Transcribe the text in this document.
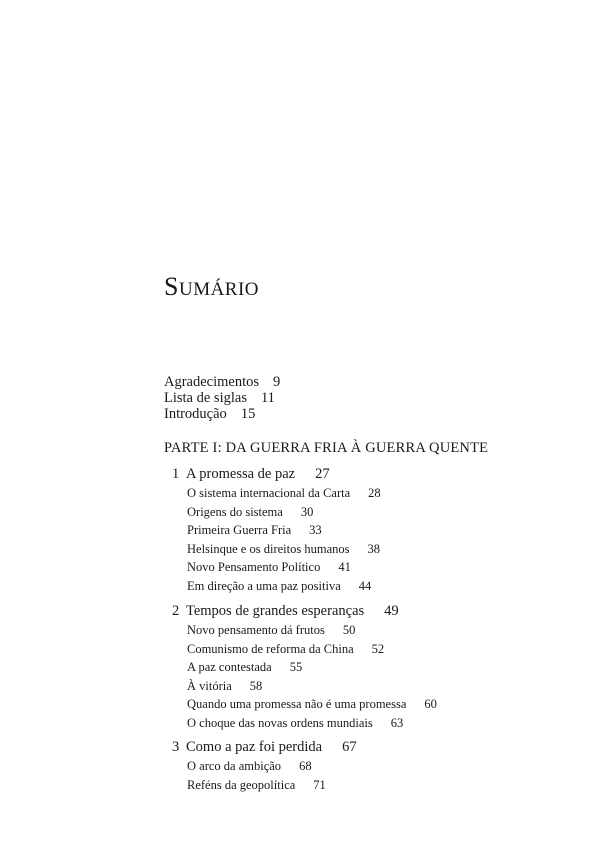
SUMÁRIO
Agradecimentos 9
Lista de siglas 11
Introdução 15
PARTE I: DA GUERRA FRIA À GUERRA QUENTE
1 A promessa de paz 27
O sistema internacional da Carta 28
Origens do sistema 30
Primeira Guerra Fria 33
Helsinque e os direitos humanos 38
Novo Pensamento Político 41
Em direção a uma paz positiva 44
2 Tempos de grandes esperanças 49
Novo pensamento dá frutos 50
Comunismo de reforma da China 52
A paz contestada 55
À vitória 58
Quando uma promessa não é uma promessa 60
O choque das novas ordens mundiais 63
3 Como a paz foi perdida 67
O arco da ambição 68
Reféns da geopolítica 71
